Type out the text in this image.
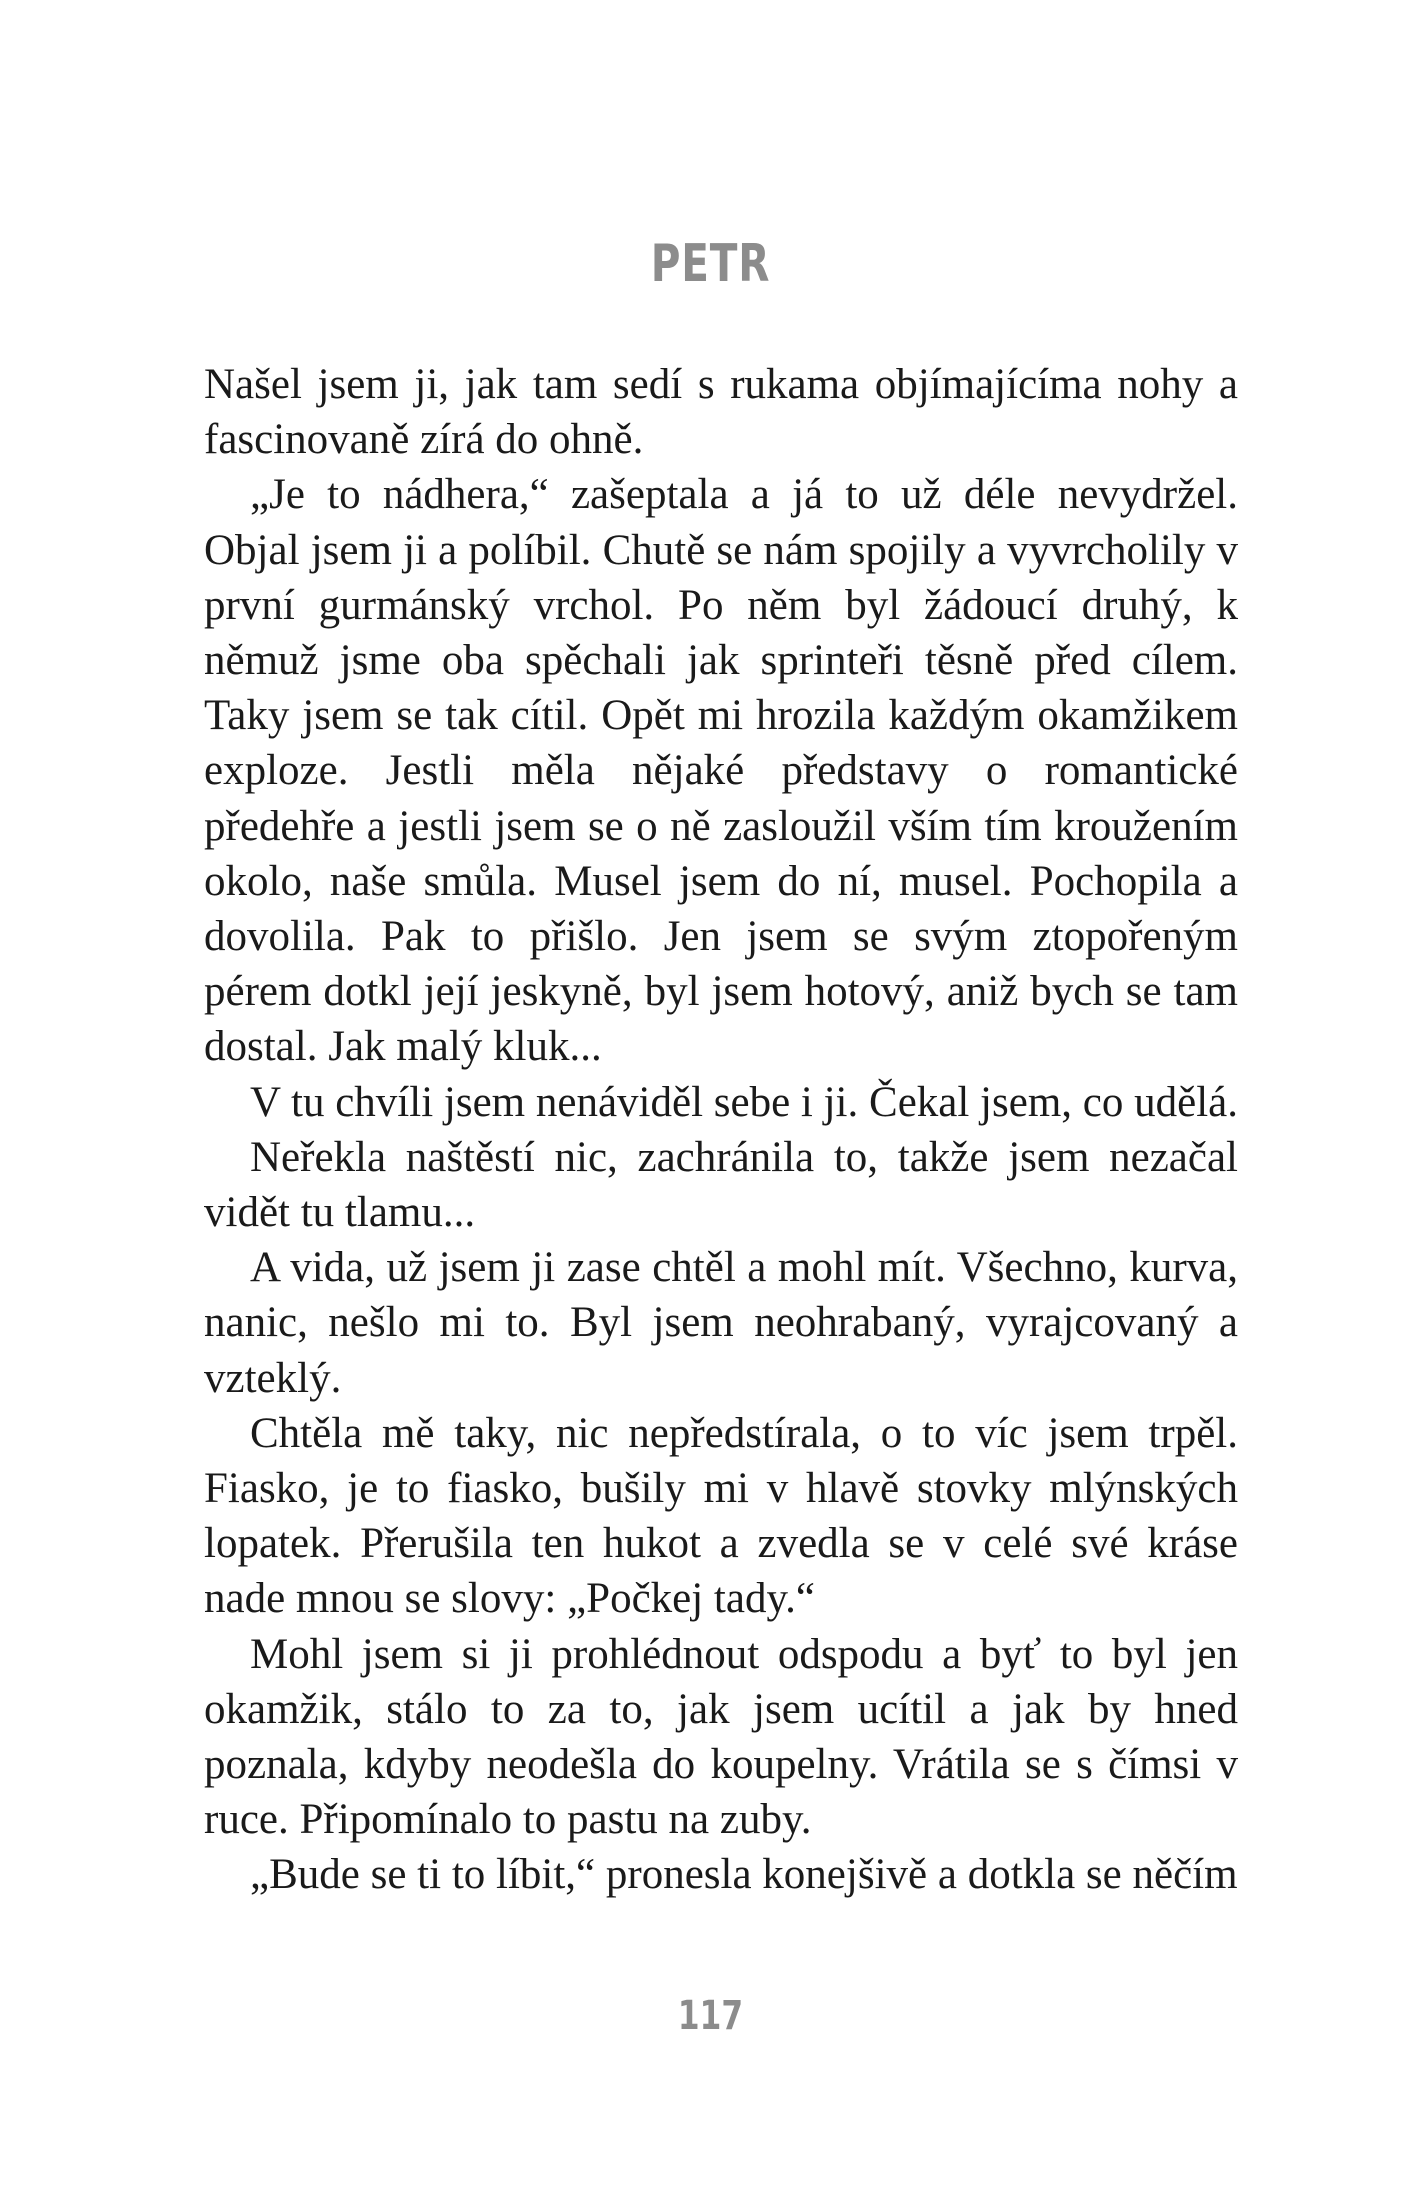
PETR

Našel jsem ji, jak tam sedí s rukama objímajícíma nohy a fascinovaně zírá do ohně.

„Je to nádhera,“ zašeptala a já to už déle nevydržel. Objal jsem ji a políbil. Chutě se nám spojily a vyvrcholily v první gurmánský vrchol. Po něm byl žádoucí druhý, k němuž jsme oba spěchali jak sprinteři těsně před cílem. Taky jsem se tak cítil. Opět mi hrozila každým okamžikem exploze. Jestli měla nějaké představy o romantické předehře a jestli jsem se o ně zasloužil vším tím kroužením okolo, naše smůla. Musel jsem do ní, musel. Pochopila a dovolila. Pak to přišlo. Jen jsem se svým ztopořeným pérem dotkl její jeskyně, byl jsem hotový, aniž bych se tam dostal. Jak malý kluk...

V tu chvíli jsem nenáviděl sebe i ji. Čekal jsem, co udělá.

Neřekla naštěstí nic, zachránila to, takže jsem nezačal vidět tu tlamu...

A vida, už jsem ji zase chtěl a mohl mít. Všechno, kurva, nanic, nešlo mi to. Byl jsem neohrabaný, vyrajcovaný a vzteklý.

Chtěla mě taky, nic nepředstírala, o to víc jsem trpěl. Fiasko, je to fiasko, bušily mi v hlavě stovky mlýnských lopatek. Přerušila ten hukot a zvedla se v celé své kráse nade mnou se slovy: „Počkej tady.“

Mohl jsem si ji prohlédnout odspodu a byť to byl jen okamžik, stálo to za to, jak jsem ucítil a jak by hned poznala, kdyby neodešla do koupelny. Vrátila se s čímsi v ruce. Připomínalo to pastu na zuby.

„Bude se ti to líbit,“ pronesla konejšivě a dotkla se něčím

117
